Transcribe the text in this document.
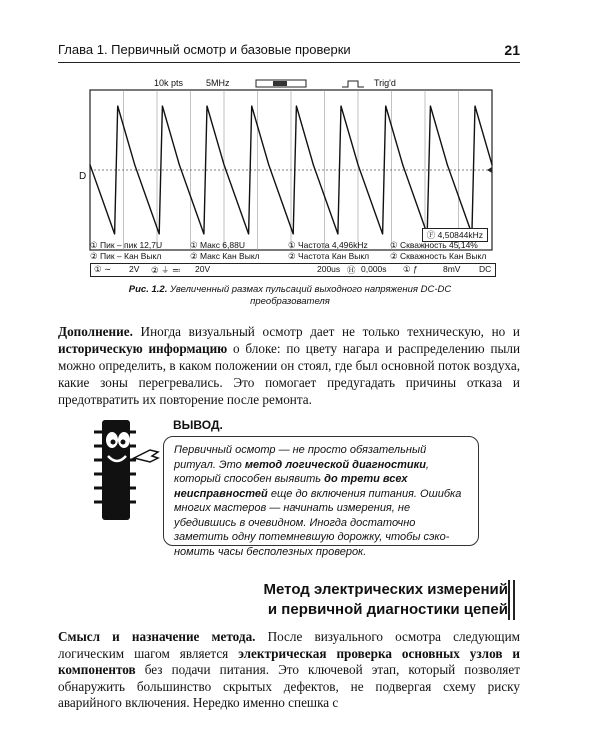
Глава 1. Первичный осмотр и базовые проверки	21
10k pts	5MHz	Trig'd
D
Ⓕ 4,50844kHz
① Пик – пик 12,7U	① Макс 6,88U	① Частота 4,496kHz	① Скважность 45,14%
② Пик – Кан Выкл	② Макс Кан Выкл	② Частота Кан Выкл ② Скважность Кан Выкл
① ∼ 2V ② ⏚ ≕ 20V	200us Ⓗ 0,000s ① ƒ	8mV DC
Рис. 1.2. Увеличенный размах пульсаций выходного напряжения DC-DC преобразователя
Дополнение. Иногда визуальный осмотр дает не только техническую, но и историческую информацию о блоке: по цвету нагара и распределению пыли можно определить, в каком положении он стоял, где был основной поток воздуха, какие зоны перегревались. Это помогает предугадать причины отказа и предотвратить их повторение после ремонта.
ВЫВОД.
Первичный осмотр — не просто обязательный ритуал. Это метод логической диагностики, который способен выявить до трети всех неисправностей еще до включения питания. Ошибка многих мастеров — начинать измерения, не убедившись в очевидном. Иногда достаточно заметить одну потемневшую дорожку, чтобы сэкономить часы бесполезных проверок.
Метод электрических измерений
и первичной диагностики цепей
Смысл и назначение метода. После визуального осмотра следующим логическим шагом является электрическая проверка основных узлов и компонентов без подачи питания. Это ключевой этап, который позволяет обнаружить большинство скрытых дефектов, не подвергая схему риску аварийного включения. Нередко именно спешка с
